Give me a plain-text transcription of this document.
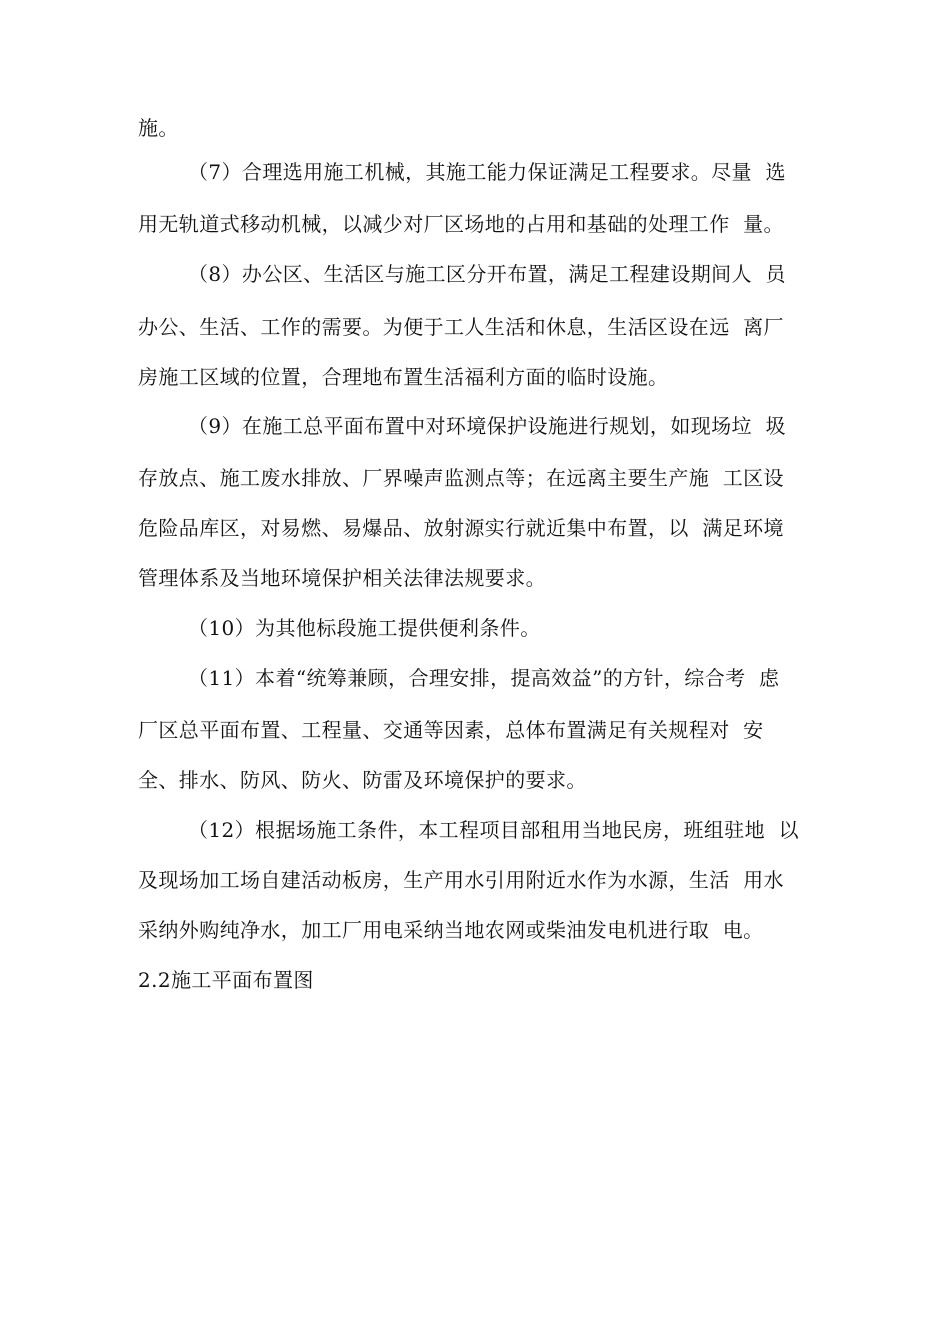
施。
（7）合理选用施工机械，其施工能力保证满足工程要求。尽量  选
用无轨道式移动机械，以减少对厂区场地的占用和基础的处理工作  量。
（8）办公区、生活区与施工区分开布置，满足工程建设期间人  员
办公、生活、工作的需要。为便于工人生活和休息，生活区设在远  离厂
房施工区域的位置，合理地布置生活福利方面的临时设施。
（9）在施工总平面布置中对环境保护设施进行规划，如现场垃  圾
存放点、施工废水排放、厂界噪声监测点等；在远离主要生产施  工区设
危险品库区，对易燃、易爆品、放射源实行就近集中布置，以  满足环境
管理体系及当地环境保护相关法律法规要求。
（10）为其他标段施工提供便利条件。
（11）本着“统筹兼顾，合理安排，提高效益”的方针，综合考  虑
厂区总平面布置、工程量、交通等因素，总体布置满足有关规程对  安
全、排水、防风、防火、防雷及环境保护的要求。
（12）根据场施工条件，本工程项目部租用当地民房，班组驻地  以
及现场加工场自建活动板房，生产用水引用附近水作为水源，生活  用水
采纳外购纯净水，加工厂用电采纳当地农网或柴油发电机进行取  电。
2.2施工平面布置图
